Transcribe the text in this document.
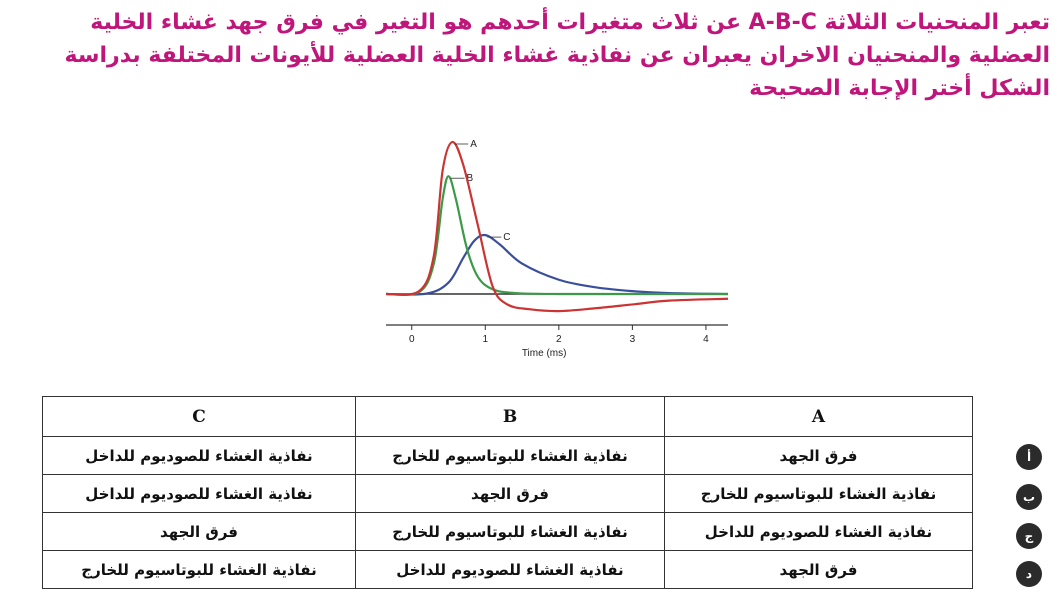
تعبر المنحنيات الثلاثة A-B-C عن ثلاث متغيرات أحدهم هو التغير في فرق جهد غشاء الخلية
العضلية والمنحنيان الاخران يعبران عن نفاذية غشاء الخلية العضلية للأيونات المختلفة بدراسة
الشكل أختر الإجابة الصحيحة
C
B
A
0	1	2	3	4
Time (ms)
C	B	A
نفاذية الغشاء للصوديوم للداخل	نفاذية الغشاء للبوتاسيوم للخارج	فرق الجهد
نفاذية الغشاء للصوديوم للداخل	فرق الجهد	نفاذية الغشاء للبوتاسيوم للخارج
فرق الجهد	نفاذية الغشاء للبوتاسيوم للخارج	نفاذية الغشاء للصوديوم للداخل
نفاذية الغشاء للبوتاسيوم للخارج	نفاذية الغشاء للصوديوم للداخل	فرق الجهد
أ
ب
ج
د
